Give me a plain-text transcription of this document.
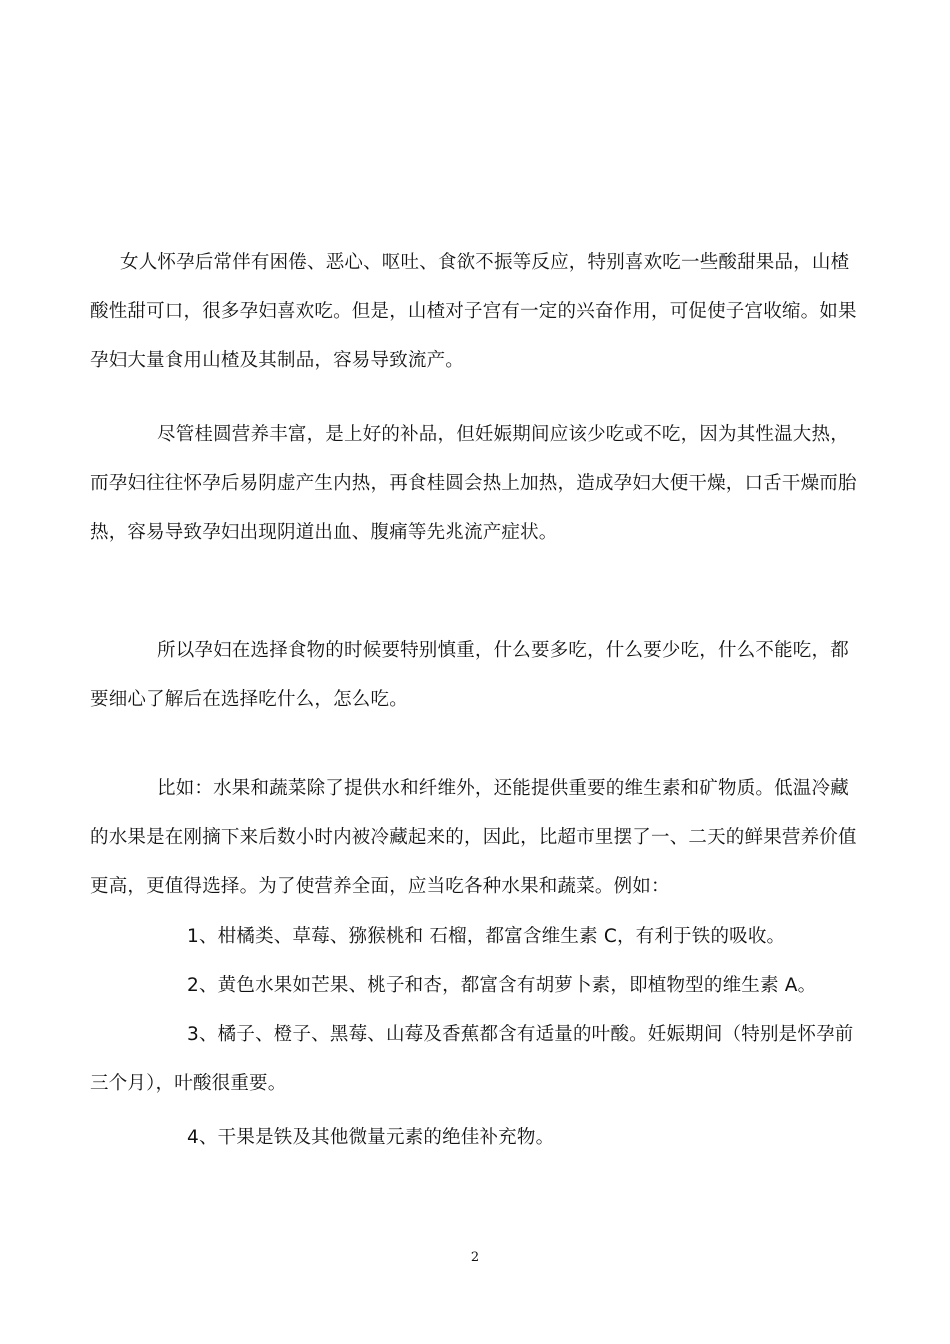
女人怀孕后常伴有困倦、恶心、呕吐、食欲不振等反应，特别喜欢吃一些酸甜果品，山楂酸性甜可口，很多孕妇喜欢吃。但是，山楂对子宫有一定的兴奋作用，可促使子宫收缩。如果孕妇大量食用山楂及其制品，容易导致流产。

尽管桂圆营养丰富，是上好的补品，但妊娠期间应该少吃或不吃，因为其性温大热，而孕妇往往怀孕后易阴虚产生内热，再食桂圆会热上加热，造成孕妇大便干燥，口舌干燥而胎热，容易导致孕妇出现阴道出血、腹痛等先兆流产症状。

所以孕妇在选择食物的时候要特别慎重，什么要多吃，什么要少吃，什么不能吃，都要细心了解后在选择吃什么，怎么吃。

比如：水果和蔬菜除了提供水和纤维外，还能提供重要的维生素和矿物质。低温冷藏的水果是在刚摘下来后数小时内被冷藏起来的，因此，比超市里摆了一、二天的鲜果营养价值更高，更值得选择。为了使营养全面，应当吃各种水果和蔬菜。例如：

1、柑橘类、草莓、猕猴桃和 石榴，都富含维生素 C，有利于铁的吸收。

2、黄色水果如芒果、桃子和杏，都富含有胡萝卜素，即植物型的维生素 A。

3、橘子、橙子、黑莓、山莓及香蕉都含有适量的叶酸。妊娠期间（特别是怀孕前三个月），叶酸很重要。

4、干果是铁及其他微量元素的绝佳补充物。

2
